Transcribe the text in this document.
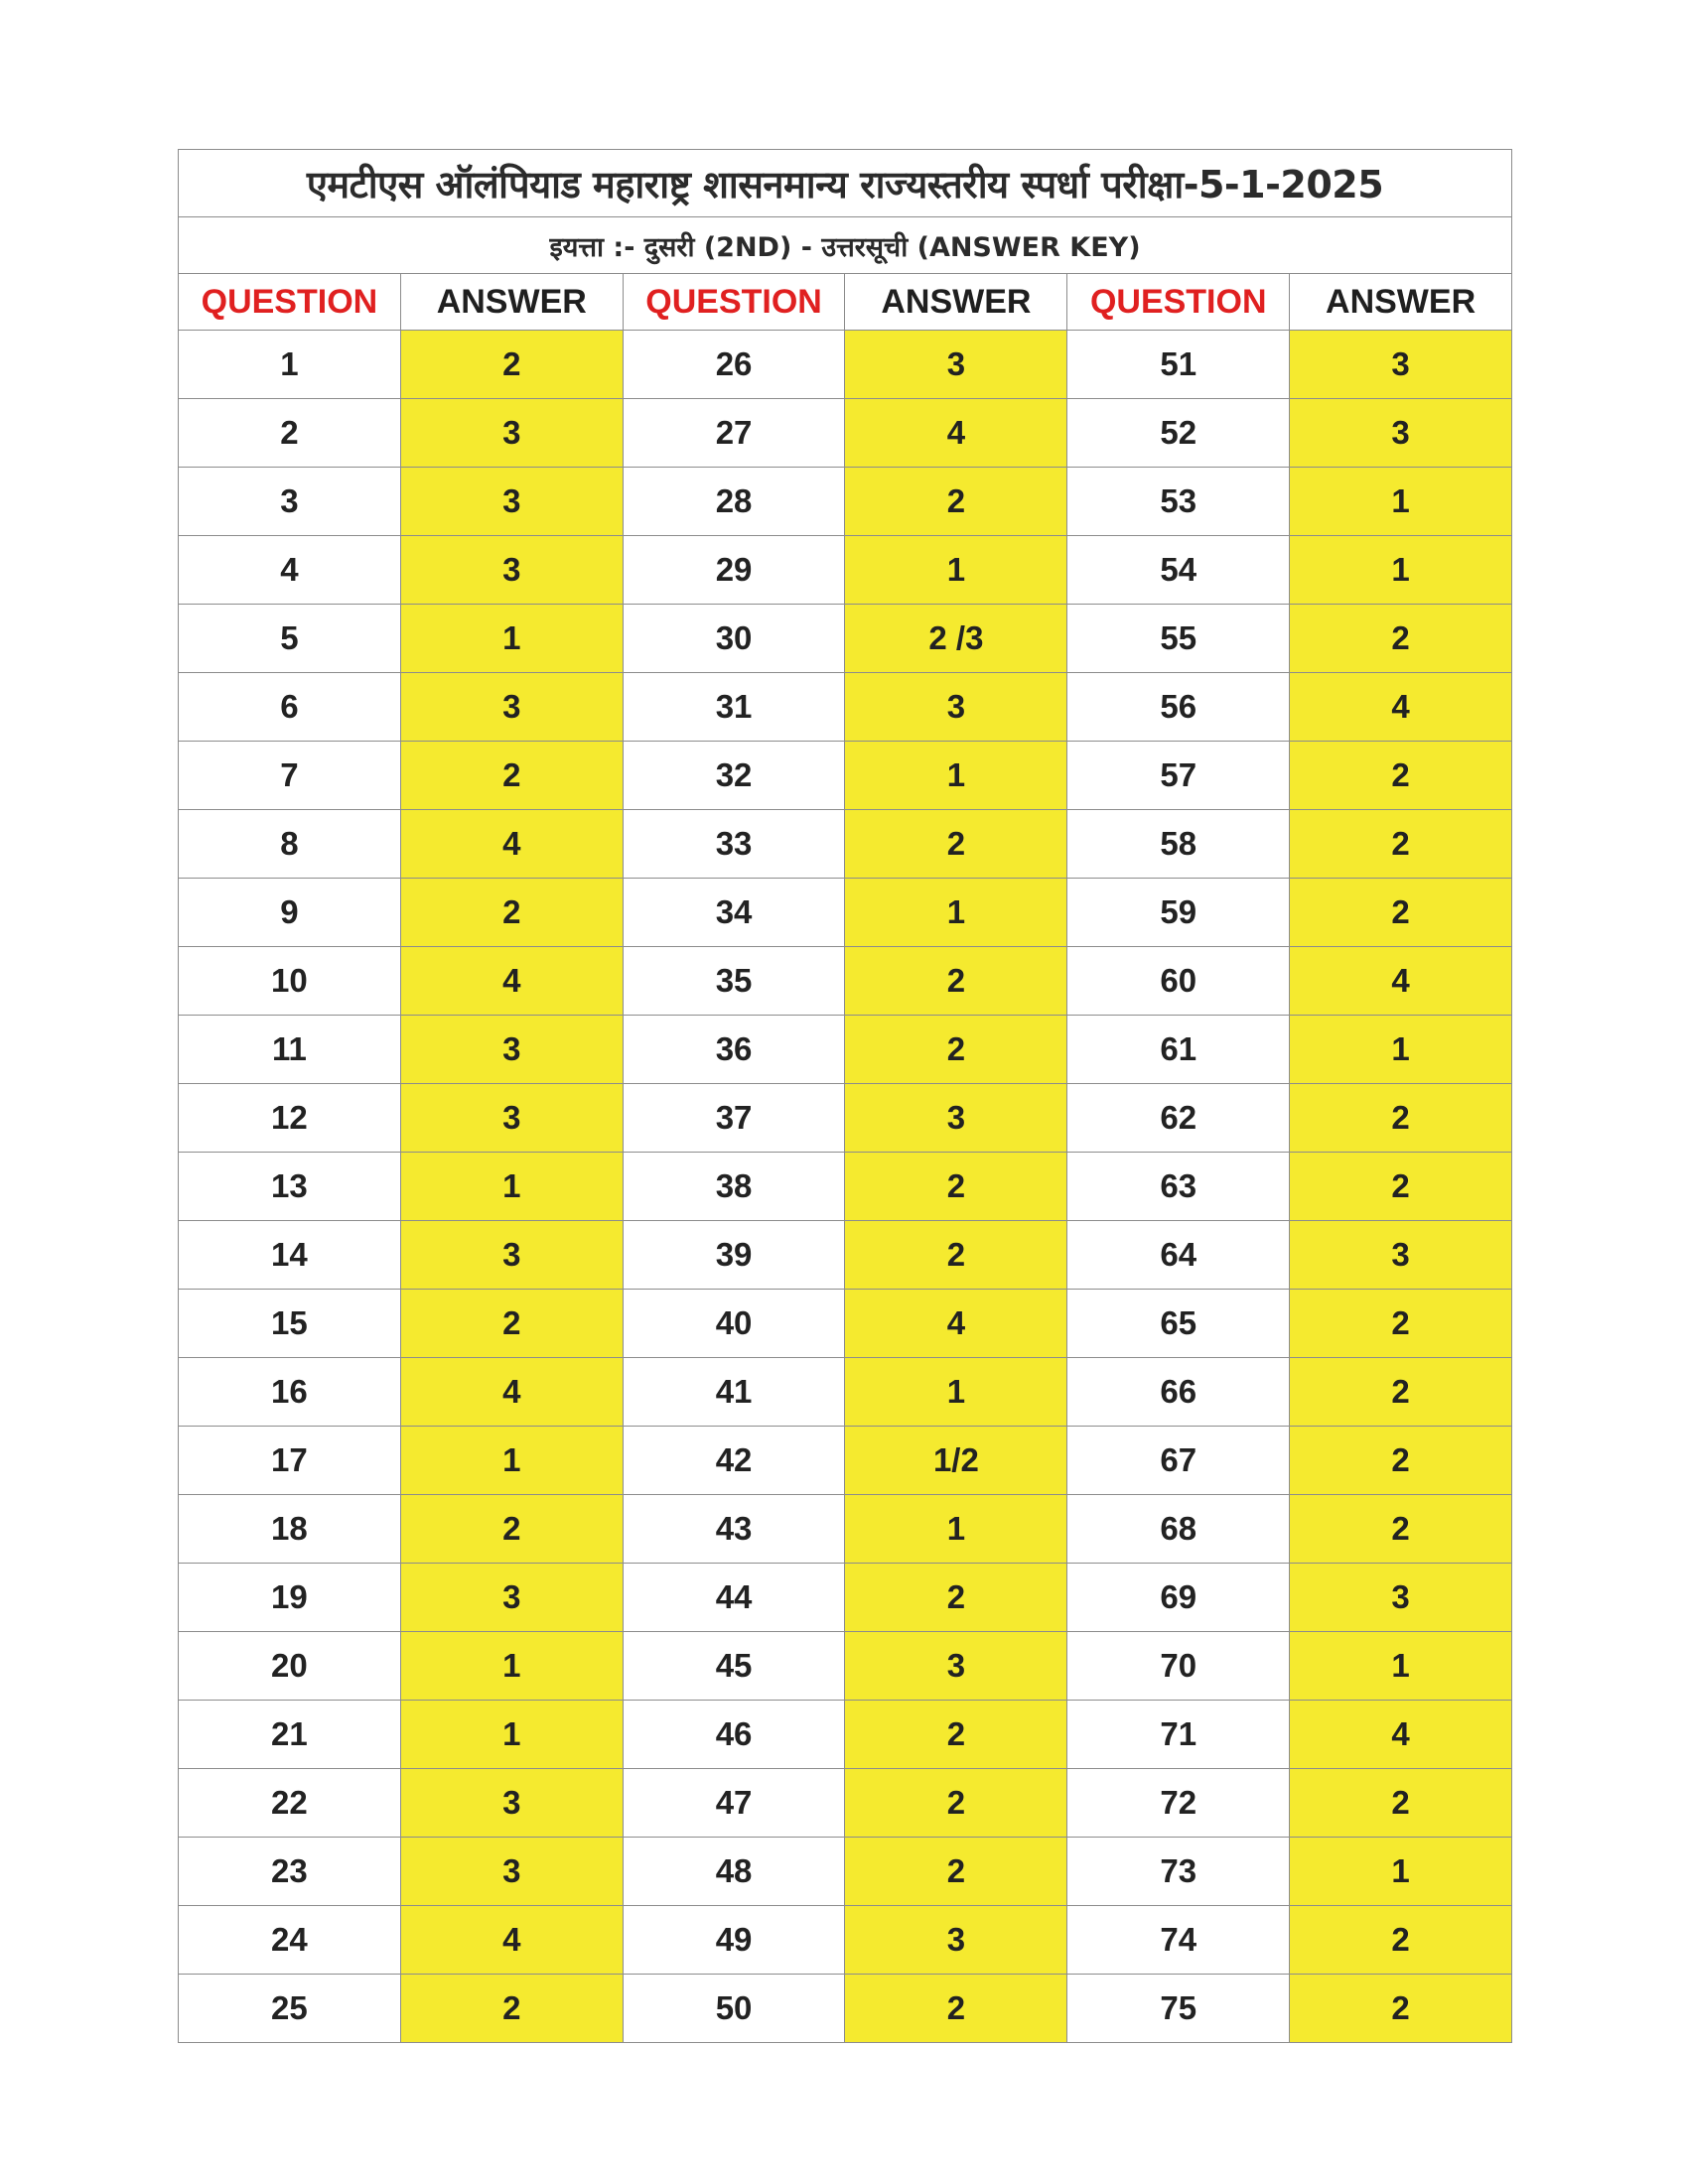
एमटीएस ऑलंपियाड महाराष्ट्र शासनमान्य राज्यस्तरीय स्पर्धा परीक्षा-5-1-2025					
इयत्ता :- दुसरी (2ND) - उत्तरसूची (ANSWER KEY)					
QUESTION	ANSWER	QUESTION	ANSWER	QUESTION	ANSWER
1	2	26	3	51	3
2	3	27	4	52	3
3	3	28	2	53	1
4	3	29	1	54	1
5	1	30	2 /3	55	2
6	3	31	3	56	4
7	2	32	1	57	2
8	4	33	2	58	2
9	2	34	1	59	2
10	4	35	2	60	4
11	3	36	2	61	1
12	3	37	3	62	2
13	1	38	2	63	2
14	3	39	2	64	3
15	2	40	4	65	2
16	4	41	1	66	2
17	1	42	1/2	67	2
18	2	43	1	68	2
19	3	44	2	69	3
20	1	45	3	70	1
21	1	46	2	71	4
22	3	47	2	72	2
23	3	48	2	73	1
24	4	49	3	74	2
25	2	50	2	75	2
